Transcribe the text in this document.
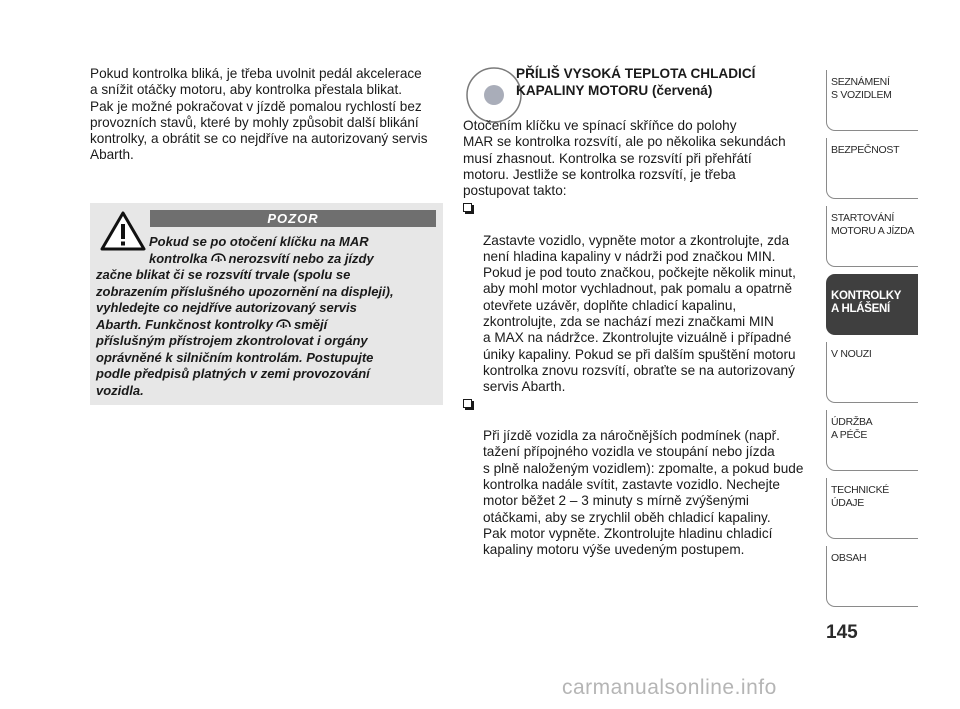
Pokud kontrolka bliká, je třeba uvolnit pedál akcelerace
a snížit otáčky motoru, aby kontrolka přestala blikat.
Pak je možné pokračovat v jízdě pomalou rychlostí bez
provozních stavů, které by mohly způsobit další blikání
kontrolky, a obrátit se co nejdříve na autorizovaný servis
Abarth.

POZOR
Pokud se po otočení klíčku na MAR
kontrolka nerozsvítí nebo za jízdy
začne blikat či se rozsvítí trvale (spolu se
zobrazením příslušného upozornění na displeji),
vyhledejte co nejdříve autorizovaný servis
Abarth. Funkčnost kontrolky smějí
příslušným přístrojem zkontrolovat i orgány
oprávněné k silničním kontrolám. Postupujte
podle předpisů platných v zemi provozování
vozidla.

PŘÍLIŠ VYSOKÁ TEPLOTA CHLADICÍ
KAPALINY MOTORU (červená)

Otočením klíčku ve spínací skříňce do polohy
MAR se kontrolka rozsvítí, ale po několika sekundách
musí zhasnout. Kontrolka se rozsvítí při přehřátí
motoru. Jestliže se kontrolka rozsvítí, je třeba
postupovat takto:

Zastavte vozidlo, vypněte motor a zkontrolujte, zda
není hladina kapaliny v nádrži pod značkou MIN.
Pokud je pod touto značkou, počkejte několik minut,
aby mohl motor vychladnout, pak pomalu a opatrně
otevřete uzávěr, doplňte chladicí kapalinu,
zkontrolujte, zda se nachází mezi značkami MIN
a MAX na nádržce. Zkontrolujte vizuálně i případné
úniky kapaliny. Pokud se při dalším spuštění motoru
kontrolka znovu rozsvítí, obraťte se na autorizovaný
servis Abarth.

Při jízdě vozidla za náročnějších podmínek (např.
tažení přípojného vozidla ve stoupání nebo jízda
s plně naloženým vozidlem): zpomalte, a pokud bude
kontrolka nadále svítit, zastavte vozidlo. Nechejte
motor běžet 2 – 3 minuty s mírně zvýšenými
otáčkami, aby se zrychlil oběh chladicí kapaliny.
Pak motor vypněte. Zkontrolujte hladinu chladicí
kapaliny motoru výše uvedeným postupem.

SEZNÁMENÍ
S VOZIDLEM
BEZPEČNOST
STARTOVÁNÍ
MOTORU A JÍZDA
KONTROLKY
A HLÁŠENÍ
V NOUZI
ÚDRŽBA
A PÉČE
TECHNICKÉ
ÚDAJE
OBSAH
145
carmanualsonline.info
